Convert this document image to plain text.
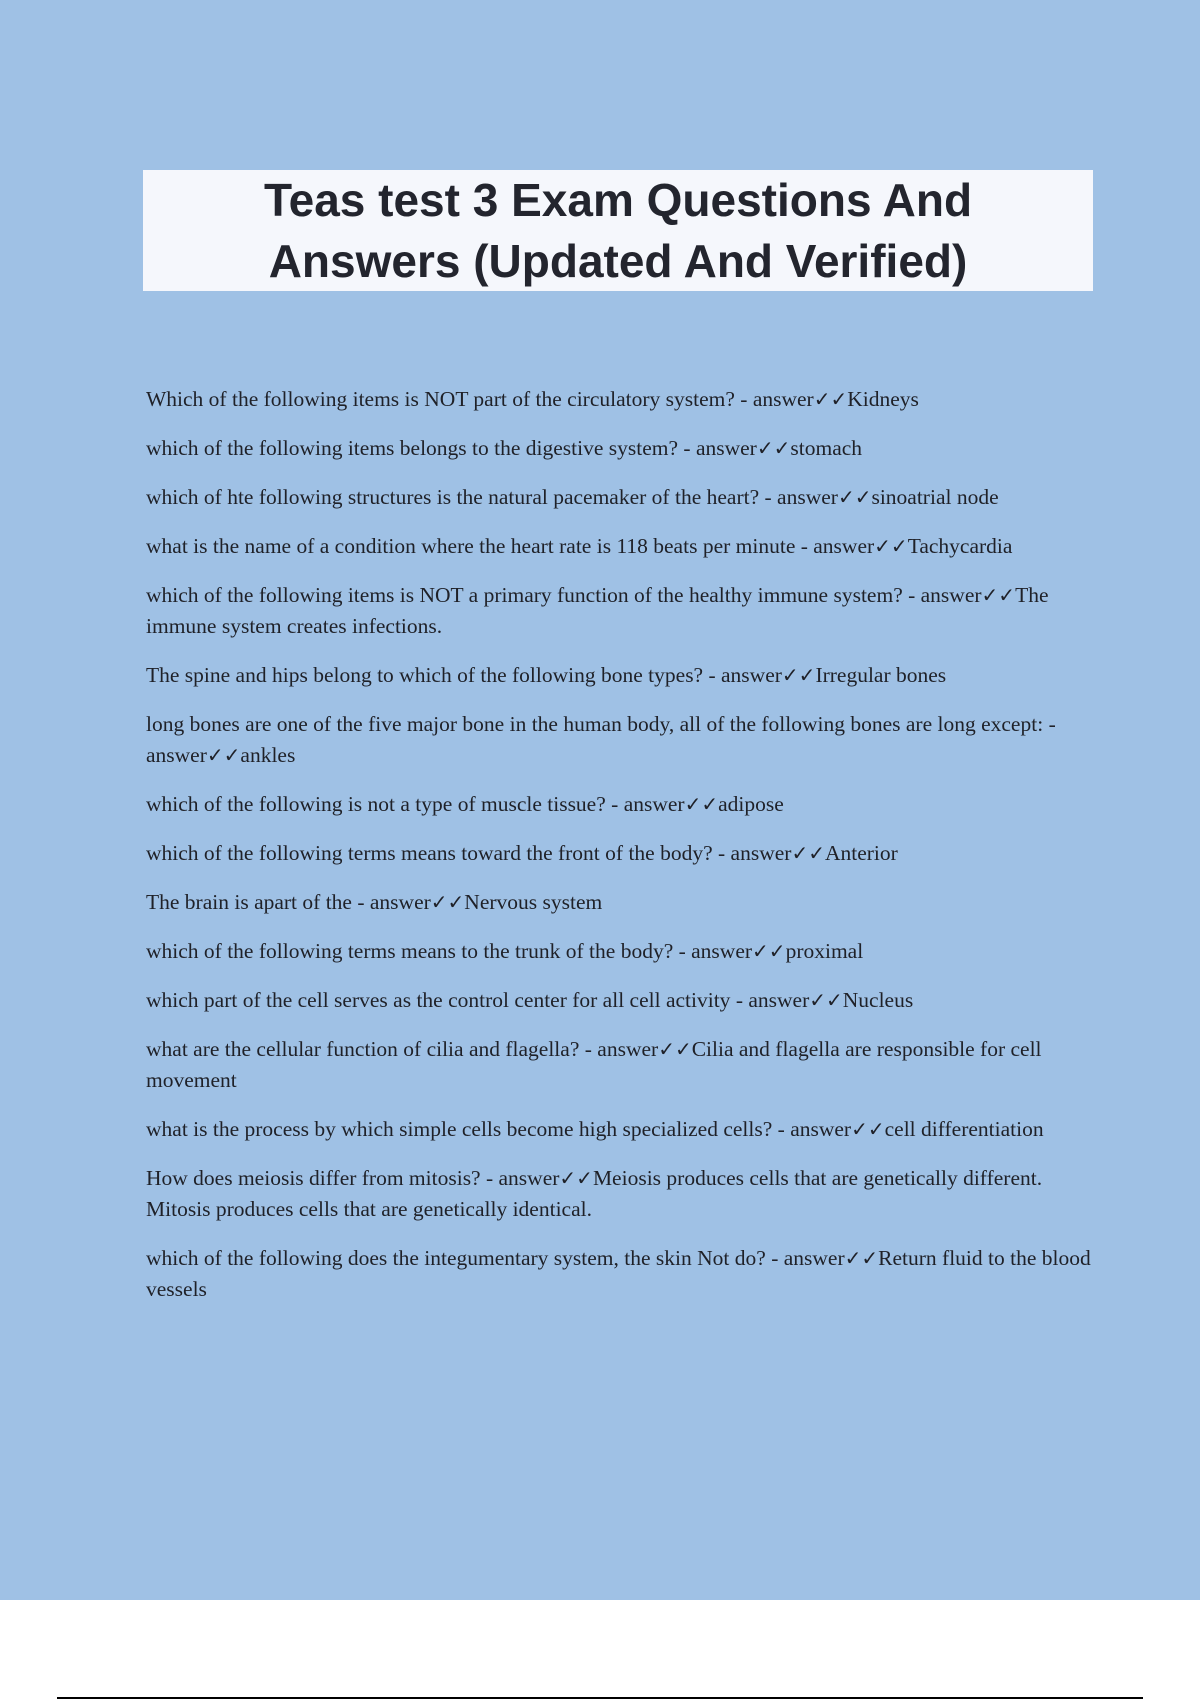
Teas test 3 Exam Questions And Answers (Updated And Verified)
Which of the following items is NOT part of the circulatory system? - answer✓✓Kidneys
which of the following items belongs to the digestive system? - answer✓✓stomach
which of hte following structures is the natural pacemaker of the heart? - answer✓✓sinoatrial node
what is the name of a condition where the heart rate is 118 beats per minute - answer✓✓Tachycardia
which of the following items is NOT a primary function of the healthy immune system? - answer✓✓The immune system creates infections.
The spine and hips belong to which of the following bone types? - answer✓✓Irregular bones
long bones are one of the five major bone in the human body, all of the following bones are long except: - answer✓✓ankles
which of the following is not a type of muscle tissue? - answer✓✓adipose
which of the following terms means toward the front of the body? - answer✓✓Anterior
The brain is apart of the - answer✓✓Nervous system
which of the following terms means to the trunk of the body? - answer✓✓proximal
which part of the cell serves as the control center for all cell activity - answer✓✓Nucleus
what are the cellular function of cilia and flagella? - answer✓✓Cilia and flagella are responsible for cell movement
what is the process by which simple cells become high specialized cells? - answer✓✓cell differentiation
How does meiosis differ from mitosis? - answer✓✓Meiosis produces cells that are genetically different. Mitosis produces cells that are genetically identical.
which of the following does the integumentary system, the skin Not do? - answer✓✓Return fluid to the blood vessels
